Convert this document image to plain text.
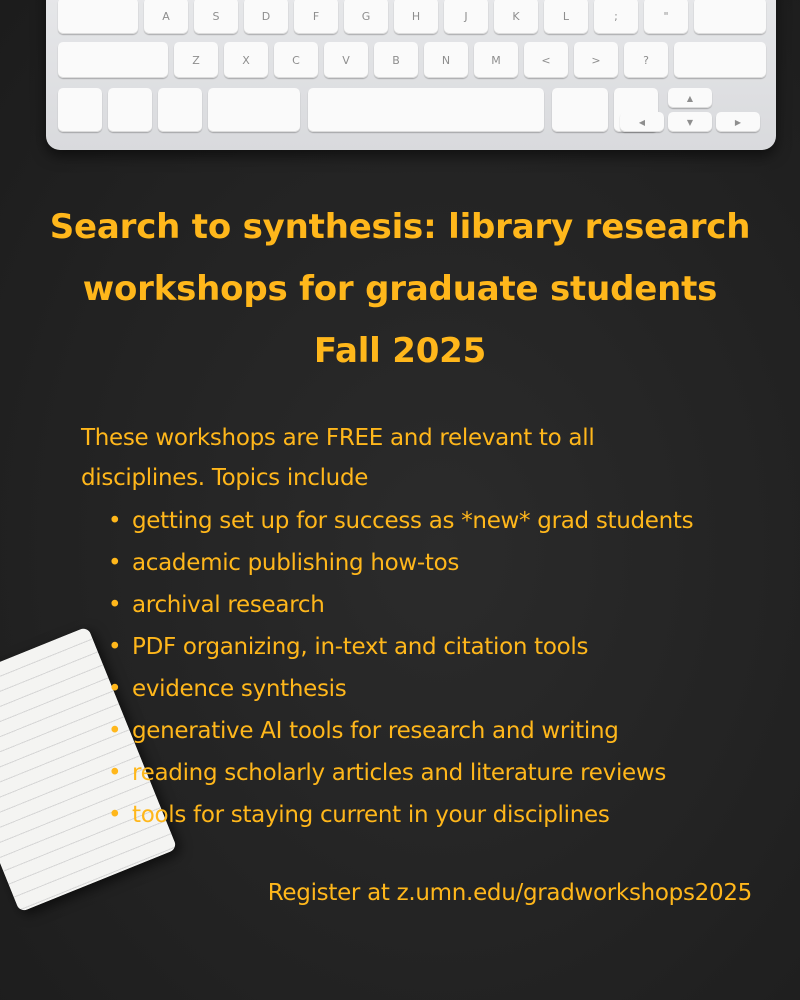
A	S	D	F	G	H	J	K	L	;	"
Z	X	C	V	B	N	M	<	>	?
▲
◀	▼	▶
Search to synthesis: library research
workshops for graduate students
Fall 2025
These workshops are FREE and relevant to all
disciplines. Topics include
• getting set up for success as *new* grad students
• academic publishing how-tos
• archival research
• PDF organizing, in-text and citation tools
• evidence synthesis
• generative AI tools for research and writing
• reading scholarly articles and literature reviews
• tools for staying current in your disciplines
Register at z.umn.edu/gradworkshops2025
